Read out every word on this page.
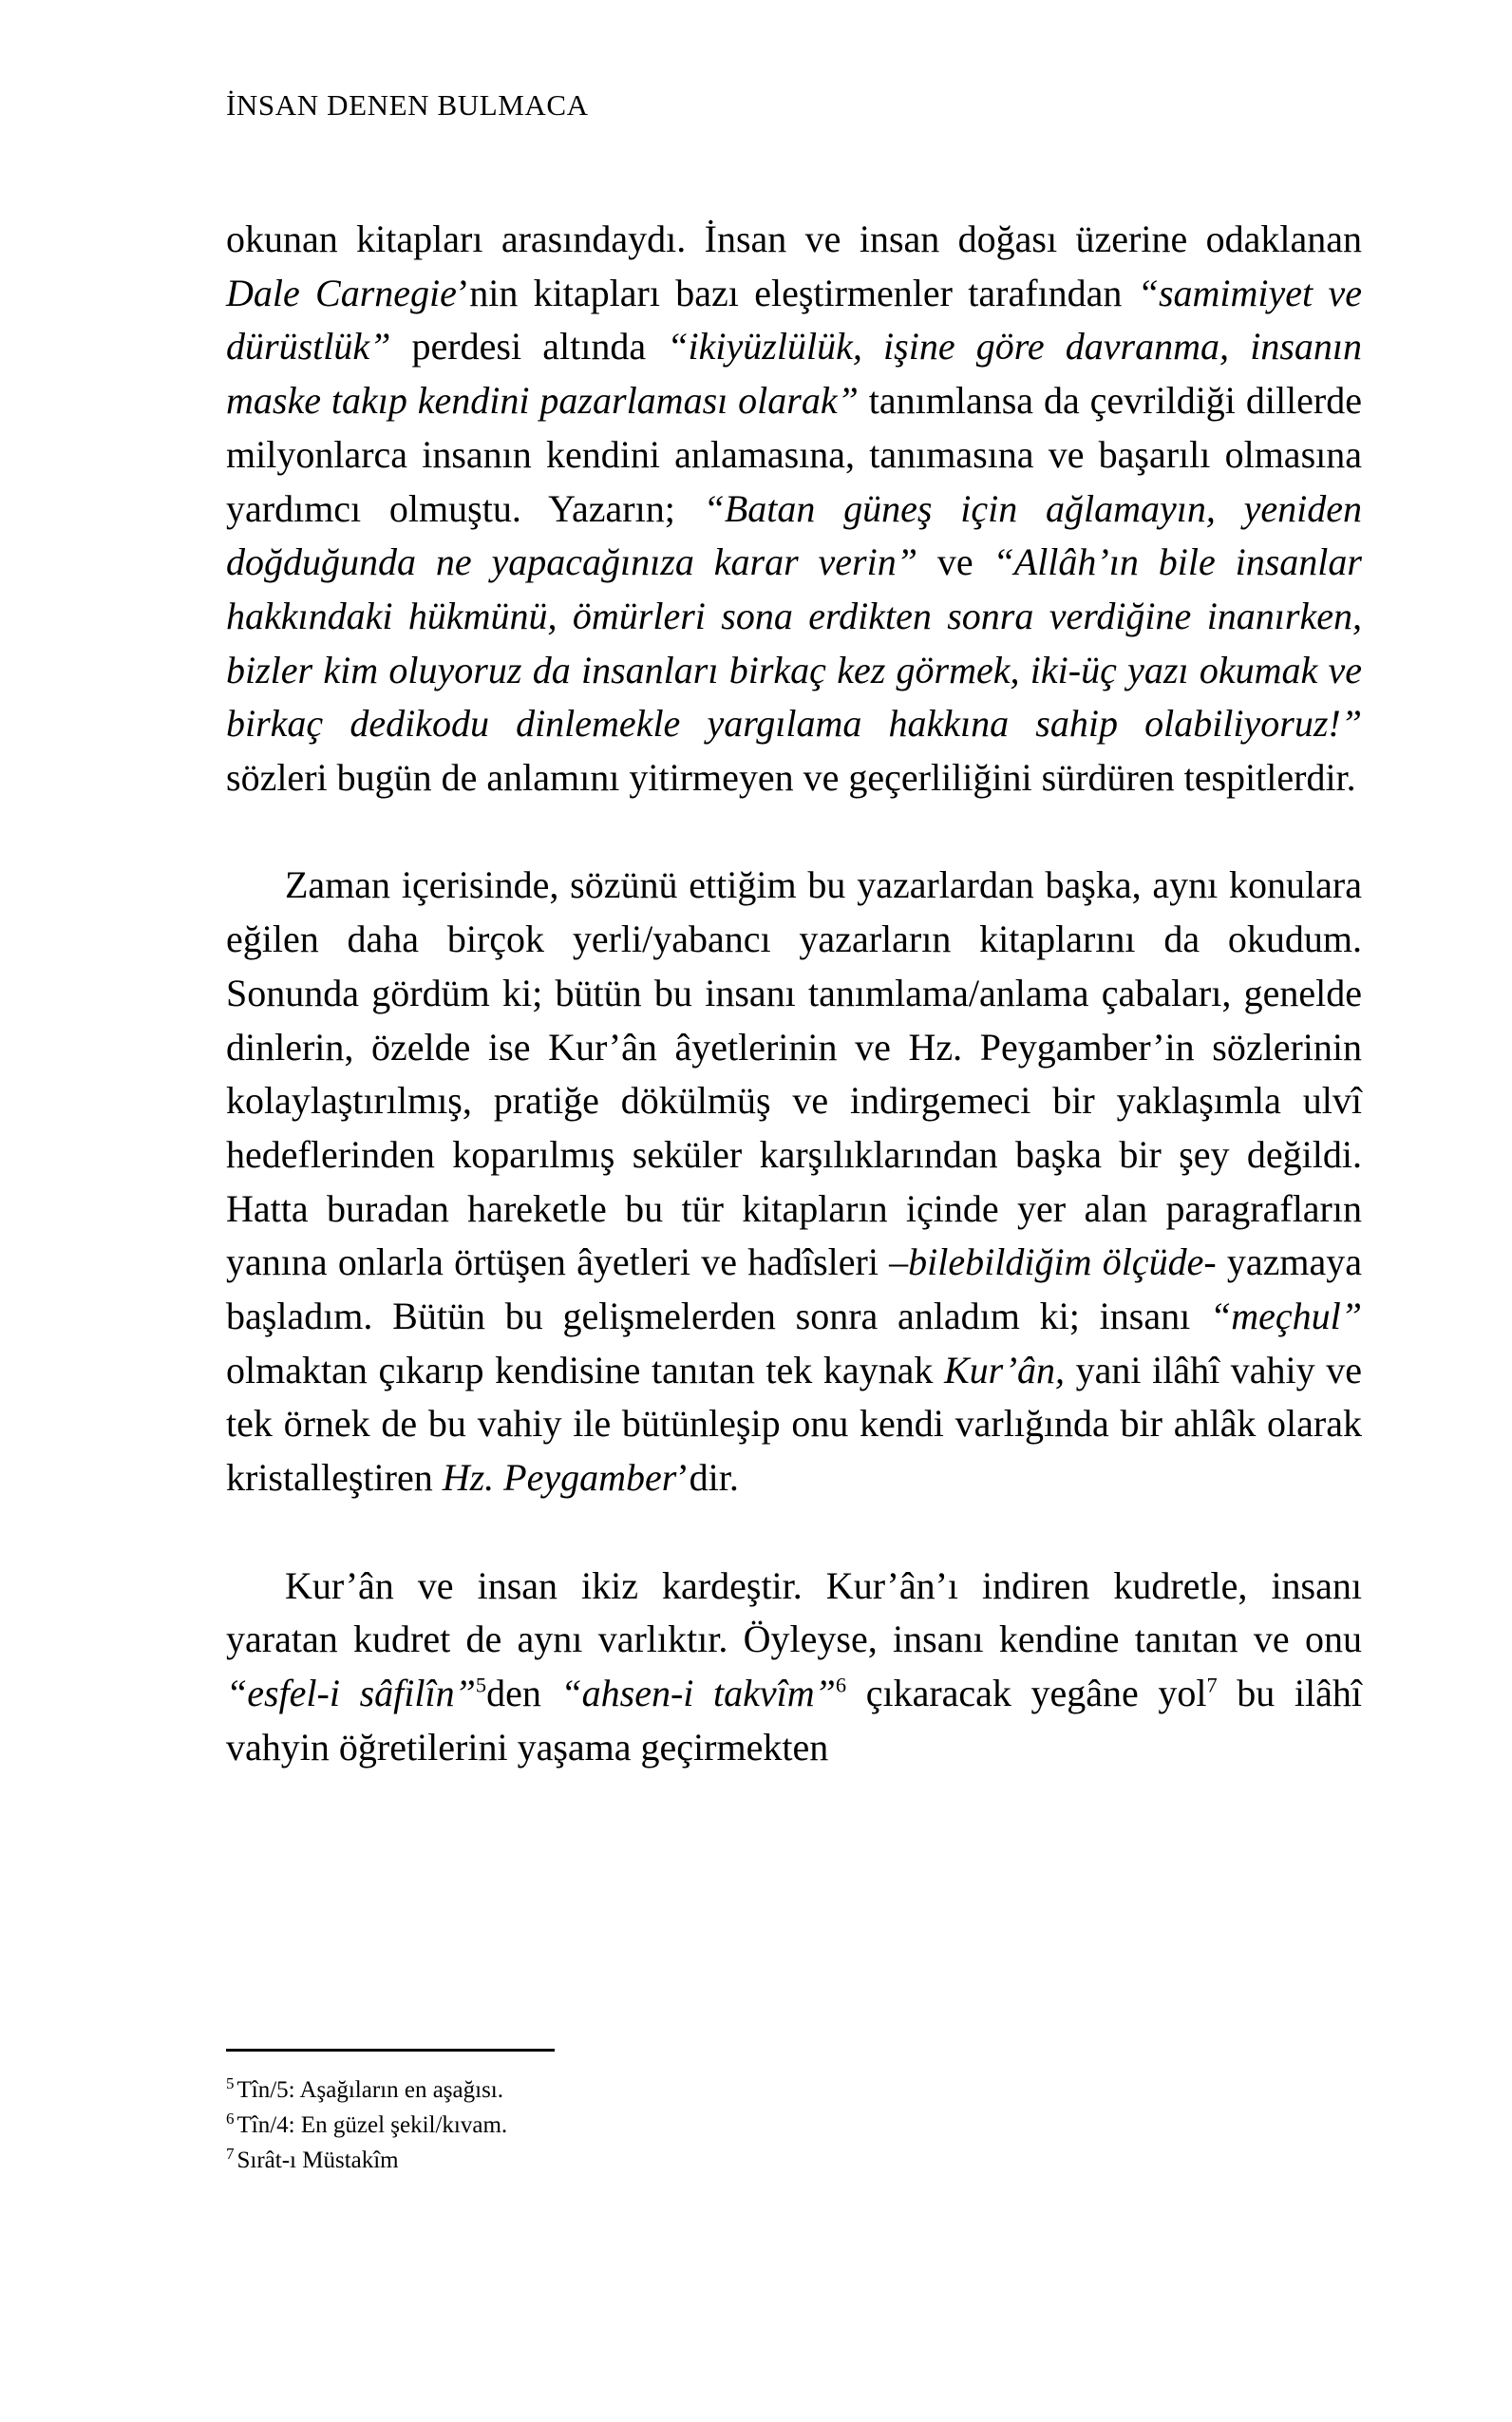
İNSAN DENEN BULMACA

okunan kitapları arasındaydı. İnsan ve insan doğası üzerine odaklanan Dale Carnegie’nin kitapları bazı eleştirmenler tarafından “samimiyet ve dürüstlük” perdesi altında “ikiyüzlülük, işine göre davranma, insanın maske takıp kendini pazarlaması olarak” tanımlansa da çevrildiği dillerde milyonlarca insanın kendini anlamasına, tanımasına ve başarılı olmasına yardımcı olmuştu. Yazarın; “Batan güneş için ağlamayın, yeniden doğduğunda ne yapacağınıza karar verin” ve “Allâh’ın bile insanlar hakkındaki hükmünü, ömürleri sona erdikten sonra verdiğine inanırken, bizler kim oluyoruz da insanları birkaç kez görmek, iki-üç yazı okumak ve birkaç dedikodu dinlemekle yargılama hakkına sahip olabiliyoruz!” sözleri bugün de anlamını yitirmeyen ve geçerliliğini sürdüren tespitlerdir.

Zaman içerisinde, sözünü ettiğim bu yazarlardan başka, aynı konulara eğilen daha birçok yerli/yabancı yazarların kitaplarını da okudum. Sonunda gördüm ki; bütün bu insanı tanımlama/anlama çabaları, genelde dinlerin, özelde ise Kur’ân âyetlerinin ve Hz. Peygamber’in sözlerinin kolaylaştırılmış, pratiğe dökülmüş ve indirgemeci bir yaklaşımla ulvî hedeflerinden koparılmış seküler karşılıklarından başka bir şey değildi. Hatta buradan hareketle bu tür kitapların içinde yer alan paragrafların yanına onlarla örtüşen âyetleri ve hadîsleri –bilebildiğim ölçüde- yazmaya başladım. Bütün bu gelişmelerden sonra anladım ki; insanı “meçhul” olmaktan çıkarıp kendisine tanıtan tek kaynak Kur’ân, yani ilâhî vahiy ve tek örnek de bu vahiy ile bütünleşip onu kendi varlığında bir ahlâk olarak kristalleştiren Hz. Peygamber’dir.

Kur’ân ve insan ikiz kardeştir. Kur’ân’ı indiren kudretle, insanı yaratan kudret de aynı varlıktır. Öyleyse, insanı kendine tanıtan ve onu “esfel-i sâfilîn”$^5$den “ahsen-i takvîm”$^6$ çıkaracak yegâne yol$^7$ bu ilâhî vahyin öğretilerini yaşama geçirmekten

$^5$ Tîn/5: Aşağıların en aşağısı.

$^6$ Tîn/4: En güzel şekil/kıvam.

$^7$ Sırât-ı Müstakîm
